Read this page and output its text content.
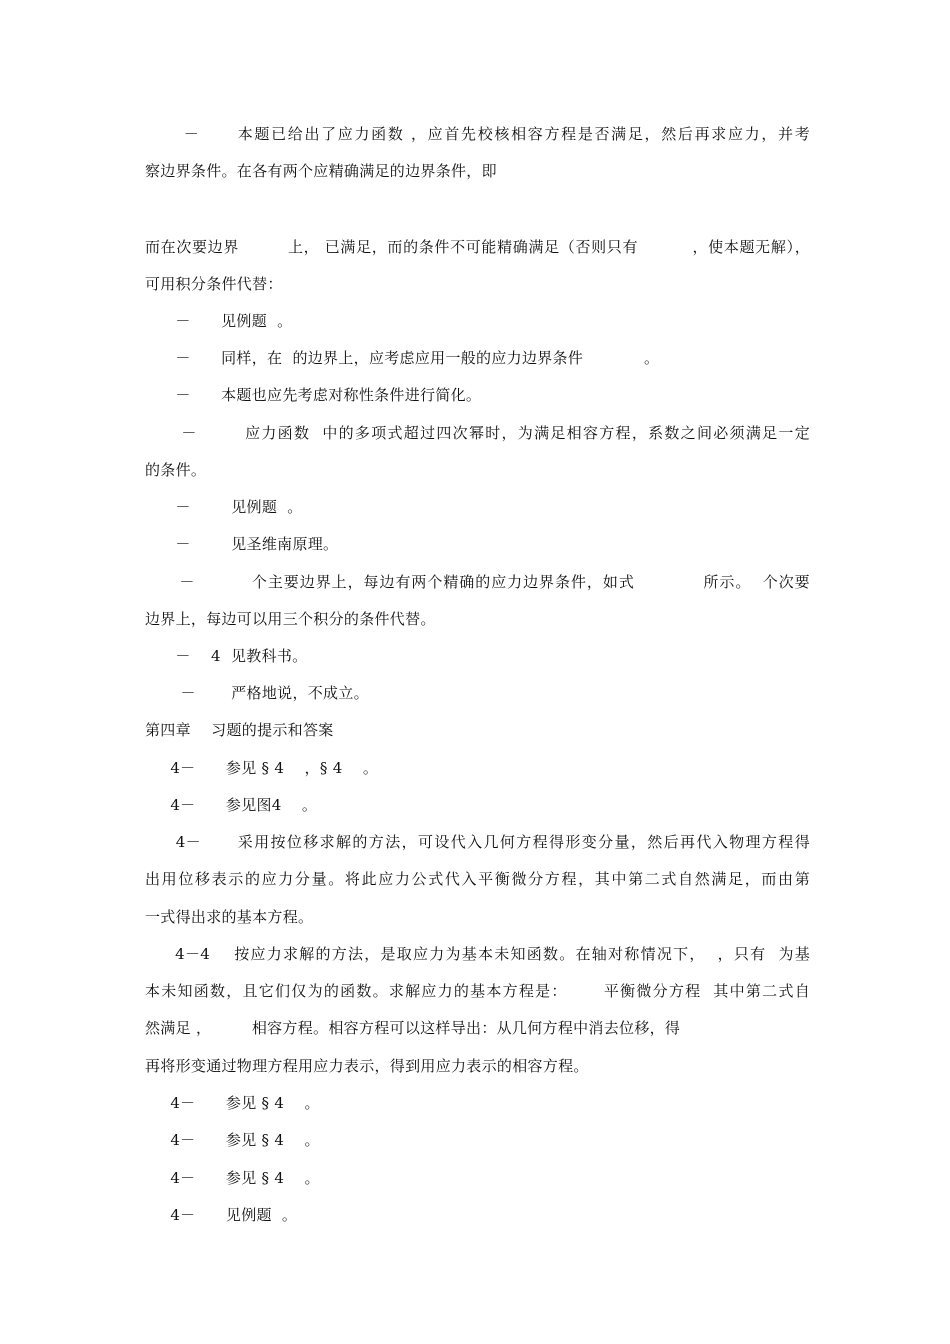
－      本题已给出了应力函数 ，应首先校核相容方程是否满足，然后再求应力，并考
察边界条件。在各有两个应精确满足的边界条件，即
而在次要边界         上， 已满足，而的条件不可能精确满足（否则只有          ，使本题无解），
可用积分条件代替：
－      见例题  。
－      同样，在  的边界上，应考虑应用一般的应力边界条件            。
－      本题也应先考虑对称性条件进行简化。
－        应力函数  中的多项式超过四次幂时，为满足相容方程，系数之间必须满足一定
的条件。
－        见例题  。
－        见圣维南原理。
－          个主要边界上，每边有两个精确的应力边界条件，如式            所示。  个次要
边界上，每边可以用三个积分的条件代替。
－    4  见教科书。
－       严格地说，不成立。
第四章    习题的提示和答案
4－      参见 § 4    ，§ 4    。
4－      参见图4    。
4－      采用按位移求解的方法，可设代入几何方程得形变分量，然后再代入物理方程得
出用位移表示的应力分量。将此应力公式代入平衡微分方程，其中第二式自然满足，而由第
一式得出求的基本方程。
4－4    按应力求解的方法，是取应力为基本未知函数。在轴对称情况下，  ，只有  为基
本未知函数，且它们仅为的函数。求解应力的基本方程是：      平衡微分方程  其中第二式自
然满足 ，        相容方程。相容方程可以这样导出：从几何方程中消去位移，得
再将形变通过物理方程用应力表示，得到用应力表示的相容方程。
4－      参见 § 4    。
4－      参见 § 4    。
4－      参见 § 4    。
4－      见例题  。
